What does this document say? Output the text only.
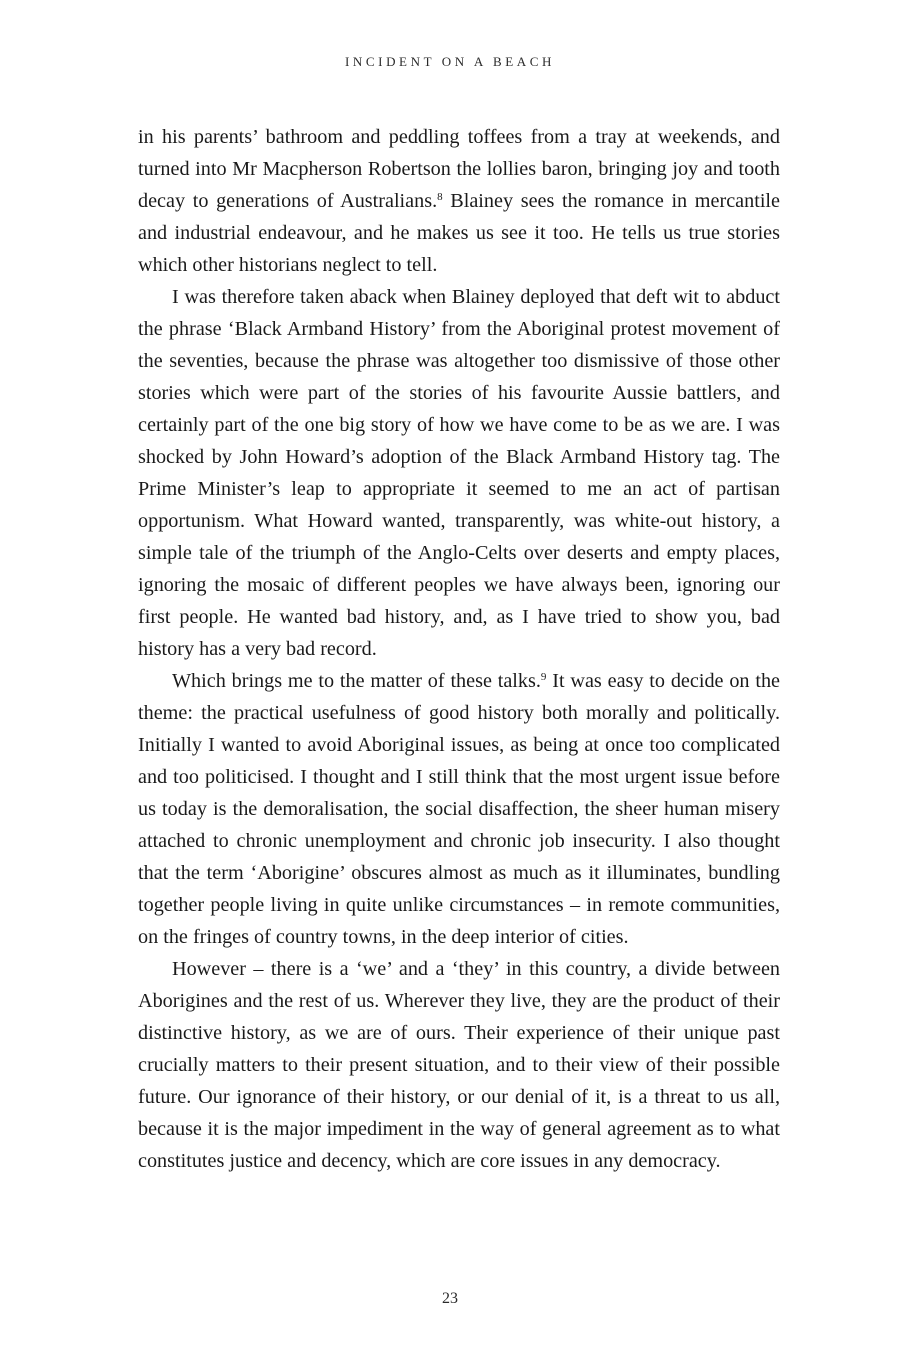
INCIDENT ON A BEACH

in his parents’ bathroom and peddling toffees from a tray at weekends, and turned into Mr Macpherson Robertson the lollies baron, bringing joy and tooth decay to generations of Australians.$^8$ Blainey sees the romance in mercantile and industrial endeavour, and he makes us see it too. He tells us true stories which other historians neglect to tell.

I was therefore taken aback when Blainey deployed that deft wit to abduct the phrase ‘Black Armband History’ from the Aboriginal protest movement of the seventies, because the phrase was altogether too dismissive of those other stories which were part of the stories of his favourite Aussie battlers, and certainly part of the one big story of how we have come to be as we are. I was shocked by John Howard’s adoption of the Black Armband History tag. The Prime Minister’s leap to appropriate it seemed to me an act of partisan opportunism. What Howard wanted, transparently, was white-out history, a simple tale of the triumph of the Anglo-Celts over deserts and empty places, ignoring the mosaic of different peoples we have always been, ignoring our first people. He wanted bad history, and, as I have tried to show you, bad history has a very bad record.

Which brings me to the matter of these talks.$^9$ It was easy to decide on the theme: the practical usefulness of good history both morally and politically. Initially I wanted to avoid Aboriginal issues, as being at once too complicated and too politicised. I thought and I still think that the most urgent issue before us today is the demoralisation, the social disaffection, the sheer human misery attached to chronic unemployment and chronic job insecurity. I also thought that the term ‘Aborigine’ obscures almost as much as it illuminates, bundling together people living in quite unlike circumstances – in remote communities, on the fringes of country towns, in the deep interior of cities.

However – there is a ‘we’ and a ‘they’ in this country, a divide between Aborigines and the rest of us. Wherever they live, they are the product of their distinctive history, as we are of ours. Their experience of their unique past crucially matters to their present situation, and to their view of their possible future. Our ignorance of their history, or our denial of it, is a threat to us all, because it is the major impediment in the way of general agreement as to what constitutes justice and decency, which are core issues in any democracy.

23
